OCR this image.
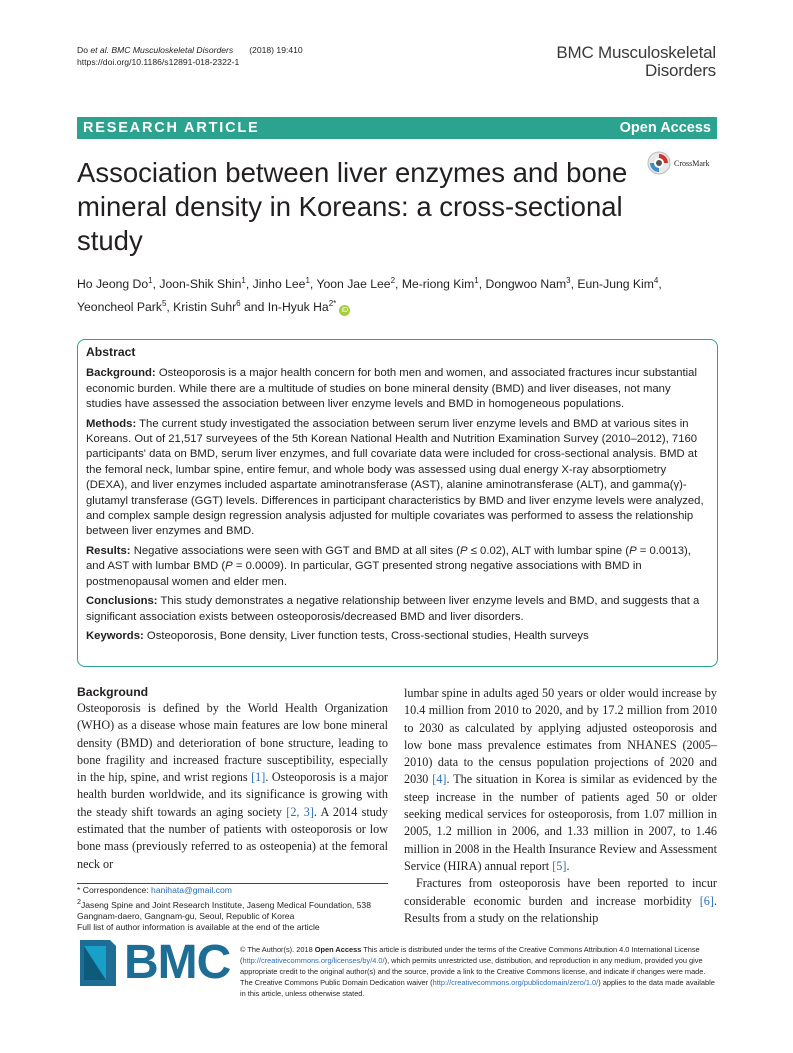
Do et al. BMC Musculoskeletal Disorders (2018) 19:410
https://doi.org/10.1186/s12891-018-2322-1	BMC Musculoskeletal
Disorders
RESEARCH ARTICLE	Open Access
Association between liver enzymes and bone mineral density in Koreans: a cross-sectional study
CrossMark
Ho Jeong Do$^1$, Joon-Shik Shin$^1$, Jinho Lee$^1$, Yoon Jae Lee$^2$, Me-riong Kim$^1$, Dongwoo Nam$^3$, Eun-Jung Kim$^4$, Yeoncheol Park$^5$, Kristin Suhr$^6$ and In-Hyuk $Ha^{2*}iD$
Abstract

Background: Osteoporosis is a major health concern for both men and women, and associated fractures incur substantial economic burden. While there are a multitude of studies on bone mineral density (BMD) and liver diseases, not many studies have assessed the association between liver enzyme levels and BMD in homogeneous populations.

Methods: The current study investigated the association between serum liver enzyme levels and BMD at various sites in Koreans. Out of 21,517 surveyees of the 5th Korean National Health and Nutrition Examination Survey (2010–2012), 7160 participants' data on BMD, serum liver enzymes, and full covariate data were included for cross-sectional analysis. BMD at the femoral neck, lumbar spine, entire femur, and whole body was assessed using dual energy X-ray absorptiometry (DEXA), and liver enzymes included aspartate aminotransferase (AST), alanine aminotransferase (ALT), and gamma(γ)-glutamyl transferase (GGT) levels. Differences in participant characteristics by BMD and liver enzyme levels were analyzed, and complex sample design regression analysis adjusted for multiple covariates was performed to assess the relationship between liver enzymes and BMD.

Results: Negative associations were seen with GGT and BMD at all sites (P ≤ 0.02), ALT with lumbar spine (P = 0.0013), and AST with lumbar BMD (P = 0.0009). In particular, GGT presented strong negative associations with BMD in postmenopausal women and elder men.

Conclusions: This study demonstrates a negative relationship between liver enzyme levels and BMD, and suggests that a significant association exists between osteoporosis/decreased BMD and liver disorders.

Keywords: Osteoporosis, Bone density, Liver function tests, Cross-sectional studies, Health surveys

Background

Osteoporosis is defined by the World Health Organization (WHO) as a disease whose main features are low bone mineral density (BMD) and deterioration of bone structure, leading to bone fragility and increased fracture susceptibility, especially in the hip, spine, and wrist regions [1]. Osteoporosis is a major health burden worldwide, and its significance is growing with the steady shift towards an aging society [2, 3]. A 2014 study estimated that the number of patients with osteoporosis or low bone mass (previously referred to as osteopenia) at the femoral neck or

lumbar spine in adults aged 50 years or older would increase by 10.4 million from 2010 to 2020, and by 17.2 million from 2010 to 2030 as calculated by applying adjusted osteoporosis and low bone mass prevalence estimates from NHANES (2005–2010) data to the census population projections of 2020 and 2030 [4]. The situation in Korea is similar as evidenced by the steep increase in the number of patients aged 50 or older seeking medical services for osteoporosis, from 1.07 million in 2005, 1.2 million in 2006, and 1.33 million in 2007, to 1.46 million in 2008 in the Health Insurance Review and Assessment Service (HIRA) annual report [5].

Fractures from osteoporosis have been reported to incur considerable economic burden and increase morbidity [6]. Results from a study on the relationship

* Correspondence: hanihata@gmail.com
$^2$Jaseng Spine and Joint Research Institute, Jaseng Medical Foundation, 538 Gangnam-daero, Gangnam-gu, Seoul, Republic of Korea
Full list of author information is available at the end of the article
BMC © The Author(s). 2018 Open Access This article is distributed under the terms of the Creative Commons Attribution 4.0 International License (http://creativecommons.org/licenses/by/4.0/), which permits unrestricted use, distribution, and reproduction in any medium, provided you give appropriate credit to the original author(s) and the source, provide a link to the Creative Commons license, and indicate if changes were made. The Creative Commons Public Domain Dedication waiver (http://creativecommons.org/publicdomain/zero/1.0/) applies to the data made available in this article, unless otherwise stated.
